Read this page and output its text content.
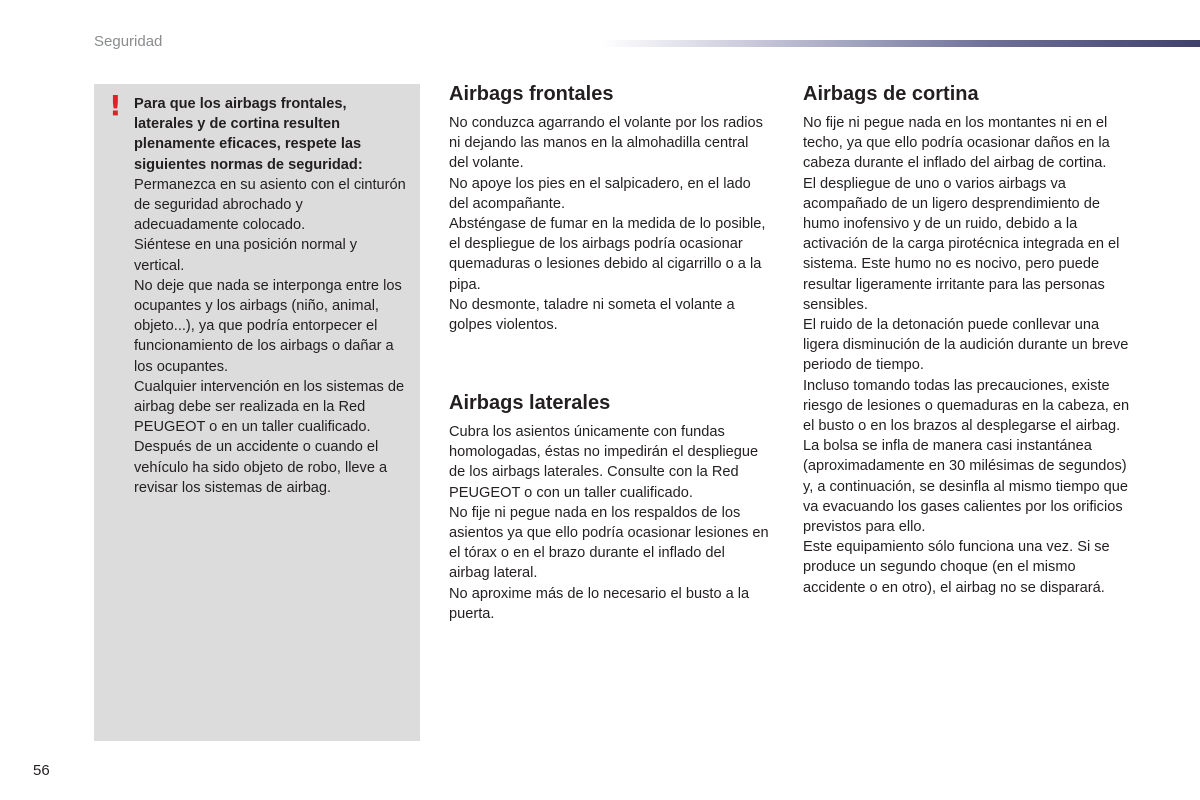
Seguridad
! Para que los airbags frontales, laterales y de cortina resulten plenamente eficaces, respete las siguientes normas de seguridad:

Permanezca en su asiento con el cinturón de seguridad abrochado y adecuadamente colocado.

Siéntese en una posición normal y vertical.

No deje que nada se interponga entre los ocupantes y los airbags (niño, animal, objeto...), ya que podría entorpecer el funcionamiento de los airbags o dañar a los ocupantes.

Cualquier intervención en los sistemas de airbag debe ser realizada en la Red PEUGEOT o en un taller cualificado.

Después de un accidente o cuando el vehículo ha sido objeto de robo, lleve a revisar los sistemas de airbag.

Airbags frontales

No conduzca agarrando el volante por los radios ni dejando las manos en la almohadilla central del volante.

No apoye los pies en el salpicadero, en el lado del acompañante.

Absténgase de fumar en la medida de lo posible, el despliegue de los airbags podría ocasionar quemaduras o lesiones debido al cigarrillo o a la pipa.

No desmonte, taladre ni someta el volante a golpes violentos.

Airbags laterales

Cubra los asientos únicamente con fundas homologadas, éstas no impedirán el despliegue de los airbags laterales. Consulte con la Red PEUGEOT o con un taller cualificado.

No fije ni pegue nada en los respaldos de los asientos ya que ello podría ocasionar lesiones en el tórax o en el brazo durante el inflado del airbag lateral.

No aproxime más de lo necesario el busto a la puerta.

Airbags de cortina

No fije ni pegue nada en los montantes ni en el techo, ya que ello podría ocasionar daños en la cabeza durante el inflado del airbag de cortina.

El despliegue de uno o varios airbags va acompañado de un ligero desprendimiento de humo inofensivo y de un ruido, debido a la activación de la carga pirotécnica integrada en el sistema. Este humo no es nocivo, pero puede resultar ligeramente irritante para las personas sensibles.

El ruido de la detonación puede conllevar una ligera disminución de la audición durante un breve periodo de tiempo.

Incluso tomando todas las precauciones, existe riesgo de lesiones o quemaduras en la cabeza, en el busto o en los brazos al desplegarse el airbag. La bolsa se infla de manera casi instantánea (aproximadamente en 30 milésimas de segundos) y, a continuación, se desinfla al mismo tiempo que va evacuando los gases calientes por los orificios previstos para ello.

Este equipamiento sólo funciona una vez. Si se produce un segundo choque (en el mismo accidente o en otro), el airbag no se disparará.

56
